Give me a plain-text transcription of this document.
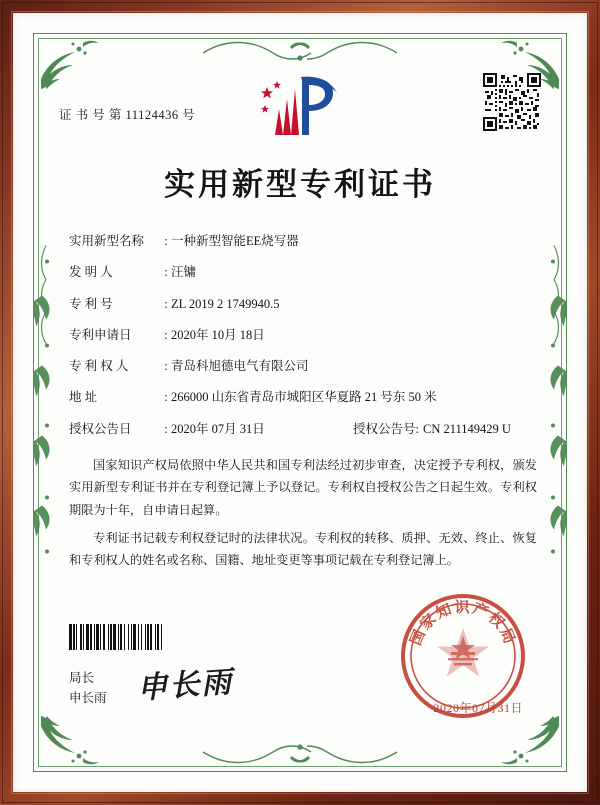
证 书 号 第 11124436 号
实用新型专利证书
实用新型名称	: 一种新型智能EE烧写器
发 明 人	: 汪镛
专 利 号	: ZL 2019 2 1749940.5
专利申请日	: 2020年 10月 18日
专 利 权 人	: 青岛科旭德电气有限公司
地 址	: 266000 山东省青岛市城阳区华夏路 21 号东 50 米
授权公告日	: 2020年 07月 31日	授权公告号 : CN 211149429 U

国家知识产权局依照中华人民共和国专利法经过初步审查，决定授予专利权，颁发实用新型专利证书并在专利登记簿上予以登记。专利权自授权公告之日起生效。专利权期限为十年，自申请日起算。

专利证书记载专利权登记时的法律状况。专利权的转移、质押、无效、终止、恢复和专利权人的姓名或名称、国籍、地址变更等事项记载在专利登记簿上。

局长
申长雨 申长雨
国家知识产权局
2020年07月31日
